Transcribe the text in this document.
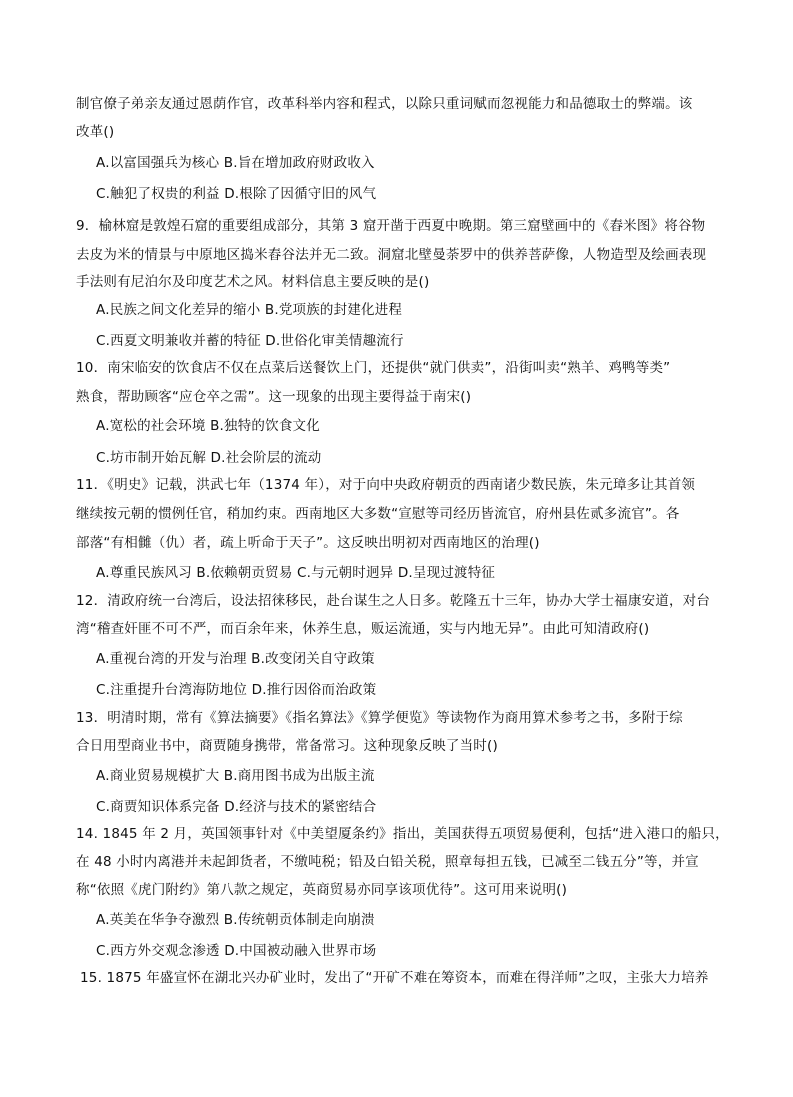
制官僚子弟亲友通过恩荫作官，改革科举内容和程式，以除只重词赋而忽视能力和品德取士的弊端。该
改革()
A.以富国强兵为核心 B.旨在增加政府财政收入
C.触犯了权贵的利益 D.根除了因循守旧的风气
9．榆林窟是敦煌石窟的重要组成部分，其第 3 窟开凿于西夏中晚期。第三窟壁画中的《舂米图》将谷物
去皮为米的情景与中原地区捣米舂谷法并无二致。洞窟北壁曼荼罗中的供养菩萨像，人物造型及绘画表现
手法则有尼泊尔及印度艺术之风。材料信息主要反映的是()
A.民族之间文化差异的缩小 B.党项族的封建化进程
C.西夏文明兼收并蓄的特征 D.世俗化审美情趣流行
10．南宋临安的饮食店不仅在点菜后送餐饮上门，还提供“就门供卖”，沿街叫卖“熟羊、鸡鸭等类”
熟食，帮助顾客“应仓卒之需”。这一现象的出现主要得益于南宋()
A.宽松的社会环境 B.独特的饮食文化
C.坊市制开始瓦解 D.社会阶层的流动
11．《明史》记载，洪武七年（1374 年），对于向中央政府朝贡的西南诸少数民族，朱元璋多让其首领
继续按元朝的惯例任官，稍加约束。西南地区大多数“宣慰等司经历皆流官，府州县佐贰多流官”。各
部落“有相雠（仇）者，疏上听命于天子”。这反映出明初对西南地区的治理()
A.尊重民族风习 B.依赖朝贡贸易 C.与元朝时迥异 D.呈现过渡特征
12．清政府统一台湾后，设法招徕移民，赴台谋生之人日多。乾隆五十三年，协办大学士福康安道，对台
湾“稽查奸匪不可不严，而百余年来，休养生息，贩运流通，实与内地无异”。由此可知清政府()
A.重视台湾的开发与治理 B.改变闭关自守政策
C.注重提升台湾海防地位 D.推行因俗而治政策
13．明清时期，常有《算法摘要》《指名算法》《算学便览》等读物作为商用算术参考之书，多附于综
合日用型商业书中，商贾随身携带，常备常习。这种现象反映了当时()
A.商业贸易规模扩大 B.商用图书成为出版主流
C.商贾知识体系完备 D.经济与技术的紧密结合
14. 1845 年 2 月，英国领事针对《中美望厦条约》指出，美国获得五项贸易便利，包括“进入港口的船只，
在 48 小时内离港并未起卸货者，不缴吨税；铅及白铅关税，照章每担五钱，已减至二钱五分”等，并宣
称“依照《虎门附约》第八款之规定，英商贸易亦同享该项优待”。这可用来说明()
A.英美在华争夺激烈 B.传统朝贡体制走向崩溃
C.西方外交观念渗透 D.中国被动融入世界市场
15. 1875 年盛宣怀在湖北兴办矿业时，发出了“开矿不难在筹资本，而难在得洋师”之叹，主张大力培养
